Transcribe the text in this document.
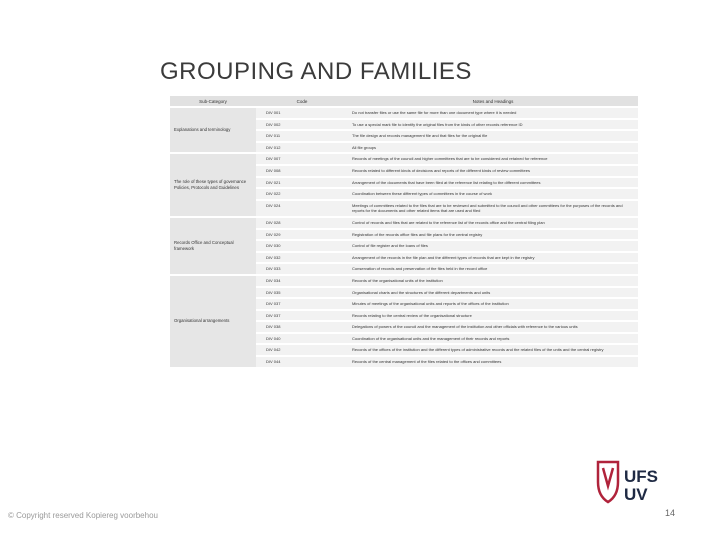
GROUPING AND FAMILIES
Sub-Category	Code	Notes and Headings
Explanations and terminology	DIV 001	Do not transfer files or use the same file for more than one document type where it is needed
	DIV 002	To use a special mark file to identify the original files from the kinds of other records reference ID
	DIV 011	The file design and records management file and that files for the original file
	DIV 012	All file groups
The role of these types of governance Policies, Protocols and Guidelines	DIV 007	Records of meetings of the council and higher committees that are to be considered and retained for reference
	DIV 008	Records related to different kinds of decisions and reports of the different kinds of review committees
	DIV 021	Arrangement of the documents that have been filed at the reference list relating to the different committees
	DIV 022	Coordination between these different types of committees in the course of work
	DIV 024	Meetings of committees related to the files that are to be reviewed and submitted to the council and other committees for the purposes of the records and reports for the documents and other related items that are used and filed
Records Office and Conceptual framework	DIV 028	Control of records and files that are related to the reference list of the records office and the central filing plan
	DIV 029	Registration of the records office files and file plans for the central registry
	DIV 030	Control of file register and the loans of files
	DIV 032	Arrangement of the records in the file plan and the different types of records that are kept in the registry
	DIV 033	Conservation of records and preservation of the files held in the record office
Organisational arrangements	DIV 034	Records of the organisational units of the institution
	DIV 035	Organisational charts and the structures of the different departments and units
	DIV 037	Minutes of meetings of the organisational units and reports of the offices of the institution
	DIV 037	Records relating to the central review of the organisational structure
	DIV 038	Delegations of powers of the council and the management of the institution and other officials with reference to the various units
	DIV 040	Coordination of the organisational units and the management of their records and reports
	DIV 042	Records of the offices of the institution and the different types of administrative records and the related files of the units and the central registry
	DIV 044	Records of the central management of the files related to the offices and committees
© Copyright reserved Kopiereg voorbehou
UFS
UV
14
